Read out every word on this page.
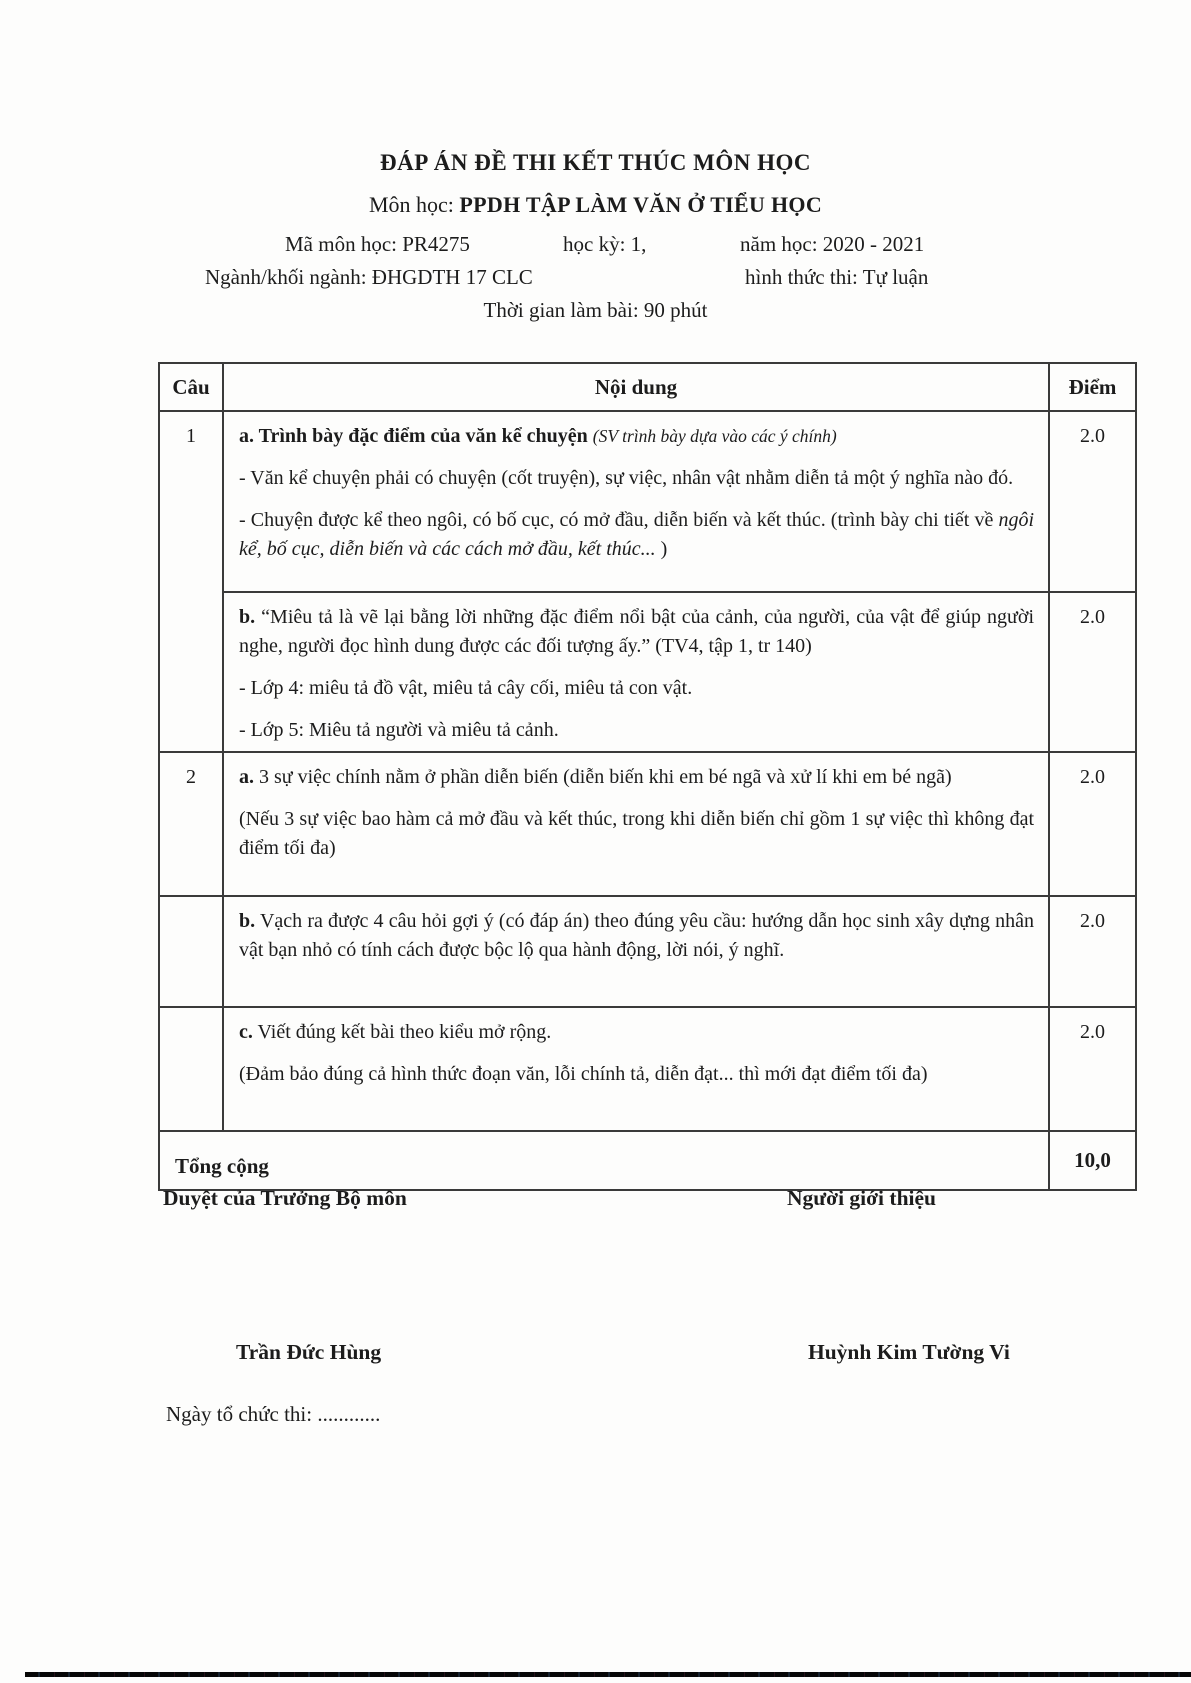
ĐÁP ÁN ĐỀ THI KẾT THÚC MÔN HỌC
Môn học: PPDH TẬP LÀM VĂN Ở TIỂU HỌC
Mã môn học: PR4275	học kỳ: 1,	năm học: 2020 - 2021
Ngành/khối ngành: ĐHGDTH 17 CLC	hình thức thi: Tự luận
Thời gian làm bài: 90 phút
Câu	Nội dung	Điểm
1	a. Trình bày đặc điểm của văn kể chuyện (SV trình bày dựa vào các ý chính)

- Văn kể chuyện phải có chuyện (cốt truyện), sự việc, nhân vật nhằm diễn tả một ý nghĩa nào đó.

- Chuyện được kể theo ngôi, có bố cục, có mở đầu, diễn biến và kết thúc. (trình bày chi tiết về ngôi kể, bố cục, diễn biến và các cách mở đầu, kết thúc... )	2.0

	b. “Miêu tả là vẽ lại bằng lời những đặc điểm nổi bật của cảnh, của người, của vật để giúp người nghe, người đọc hình dung được các đối tượng ấy.” (TV4, tập 1, tr 140)

- Lớp 4: miêu tả đồ vật, miêu tả cây cối, miêu tả con vật.

- Lớp 5: Miêu tả người và miêu tả cảnh.	2.0
2	a. 3 sự việc chính nằm ở phần diễn biến (diễn biến khi em bé ngã và xử lí khi em bé ngã)

(Nếu 3 sự việc bao hàm cả mở đầu và kết thúc, trong khi diễn biến chỉ gồm 1 sự việc thì không đạt điểm tối đa)	2.0

	b. Vạch ra được 4 câu hỏi gợi ý (có đáp án) theo đúng yêu cầu: hướng dẫn học sinh xây dựng nhân vật bạn nhỏ có tính cách được bộc lộ qua hành động, lời nói, ý nghĩ.	2.0

	c. Viết đúng kết bài theo kiểu mở rộng.

(Đảm bảo đúng cả hình thức đoạn văn, lỗi chính tả, diễn đạt... thì mới đạt điểm tối đa)	2.0
Tổng cộng		10,0
Duyệt của Trưởng Bộ môn	Người giới thiệu
Trần Đức Hùng	Huỳnh Kim Tường Vi
Ngày tổ chức thi: ............
